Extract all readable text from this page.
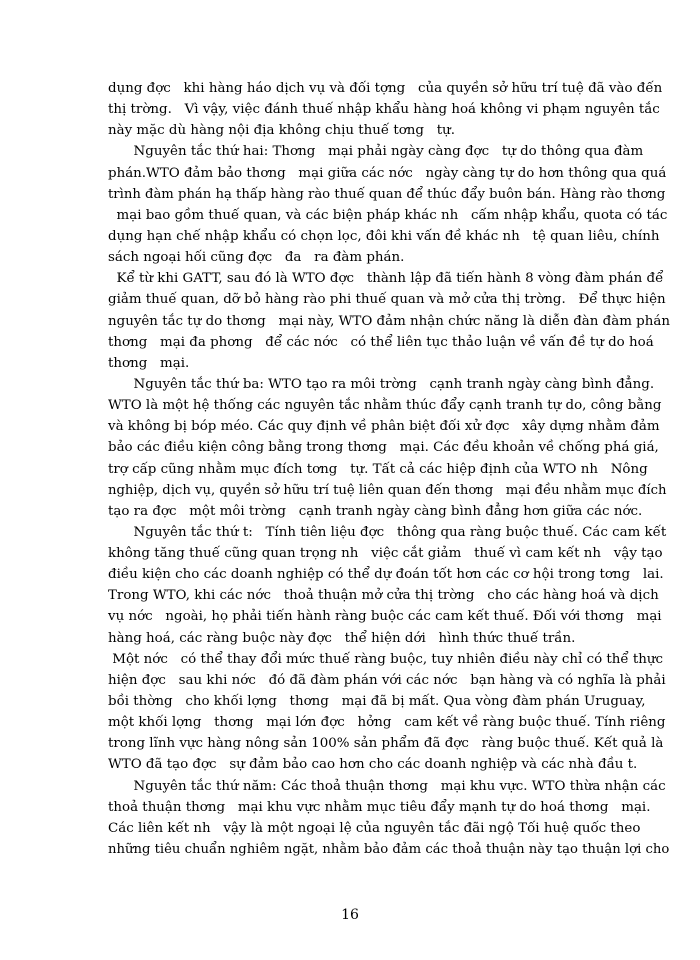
dụng đợc   khi hàng háo dịch vụ và đối tợng   của quyền sở hữu trí tuệ đã vào đến
thị trờng.   Vì vậy, việc đánh thuế nhập khẩu hàng hoá không vi phạm nguyên tắc
này mặc dù hàng nội địa không chịu thuế tơng   tự.
Nguyên tắc thứ hai: Thơng   mại phải ngày càng đợc   tự do thông qua đàm
phán.WTO đảm bảo thơng   mại giữa các nớc   ngày càng tự do hơn thông qua quá
trình đàm phán hạ thấp hàng rào thuế quan để thúc đẩy buôn bán. Hàng rào thơng
mại bao gồm thuế quan, và các biện pháp khác nh   cấm nhập khẩu, quota có tác
dụng hạn chế nhập khẩu có chọn lọc, đôi khi vấn đề khác nh   tệ quan liêu, chính
sách ngoại hối cũng đợc   đa   ra đàm phán.
Kể từ khi GATT, sau đó là WTO đợc   thành lập đã tiến hành 8 vòng đàm phán để
giảm thuế quan, dỡ bỏ hàng rào phi thuế quan và mở cửa thị trờng.   Để thực hiện
nguyên tắc tự do thơng   mại này, WTO đảm nhận chức năng là diễn đàn đàm phán
thơng   mại đa phơng   để các nớc   có thể liên tục thảo luận về vấn đề tự do hoá
thơng   mại.
Nguyên tắc thứ ba: WTO tạo ra môi trờng   cạnh tranh ngày càng bình đẳng.
WTO là một hệ thống các nguyên tắc nhằm thúc đẩy cạnh tranh tự do, công bằng
và không bị bóp méo. Các quy định về phân biệt đối xử đợc   xây dựng nhằm đảm
bảo các điều kiện công bằng trong thơng   mại. Các đều khoản về chống phá giá,
trợ cấp cũng nhằm mục đích tơng   tự. Tất cả các hiệp định của WTO nh   Nông
nghiệp, dịch vụ, quyền sở hữu trí tuệ liên quan đến thơng   mại đều nhằm mục đích
tạo ra đợc   một môi trờng   cạnh tranh ngày càng bình đẳng hơn giữa các nớc.
Nguyên tắc thứ t:   Tính tiên liệu đợc   thông qua ràng buộc thuế. Các cam kết
không tăng thuế cũng quan trọng nh   việc cắt giảm   thuế vì cam kết nh   vậy tạo
điều kiện cho các doanh nghiệp có thể dự đoán tốt hơn các cơ hội trong tơng   lai.
Trong WTO, khi các nớc   thoả thuận mở cửa thị trờng   cho các hàng hoá và dịch
vụ nớc   ngoài, họ phải tiến hành ràng buộc các cam kết thuế. Đối với thơng   mại
hàng hoá, các ràng buộc này đợc   thể hiện dới   hình thức thuế trần.
Một nớc   có thể thay đổi mức thuế ràng buộc, tuy nhiên điều này chỉ có thể thực
hiện đợc   sau khi nớc   đó đã đàm phán với các nớc   bạn hàng và có nghĩa là phải
bồi thờng   cho khối lợng   thơng   mại đã bị mất. Qua vòng đàm phán Uruguay,
một khối lợng   thơng   mại lớn đợc   hởng   cam kết về ràng buộc thuế. Tính riêng
trong lĩnh vực hàng nông sản 100% sản phẩm đã đợc   ràng buộc thuế. Kết quả là
WTO đã tạo đợc   sự đảm bảo cao hơn cho các doanh nghiệp và các nhà đầu t.
Nguyên tắc thứ năm: Các thoả thuận thơng   mại khu vực. WTO thừa nhận các
thoả thuận thơng   mại khu vực nhằm mục tiêu đẩy mạnh tự do hoá thơng   mại.
Các liên kết nh   vậy là một ngoại lệ của nguyên tắc đãi ngộ Tối huệ quốc theo
những tiêu chuẩn nghiêm ngặt, nhằm bảo đảm các thoả thuận này tạo thuận lợi cho
16
